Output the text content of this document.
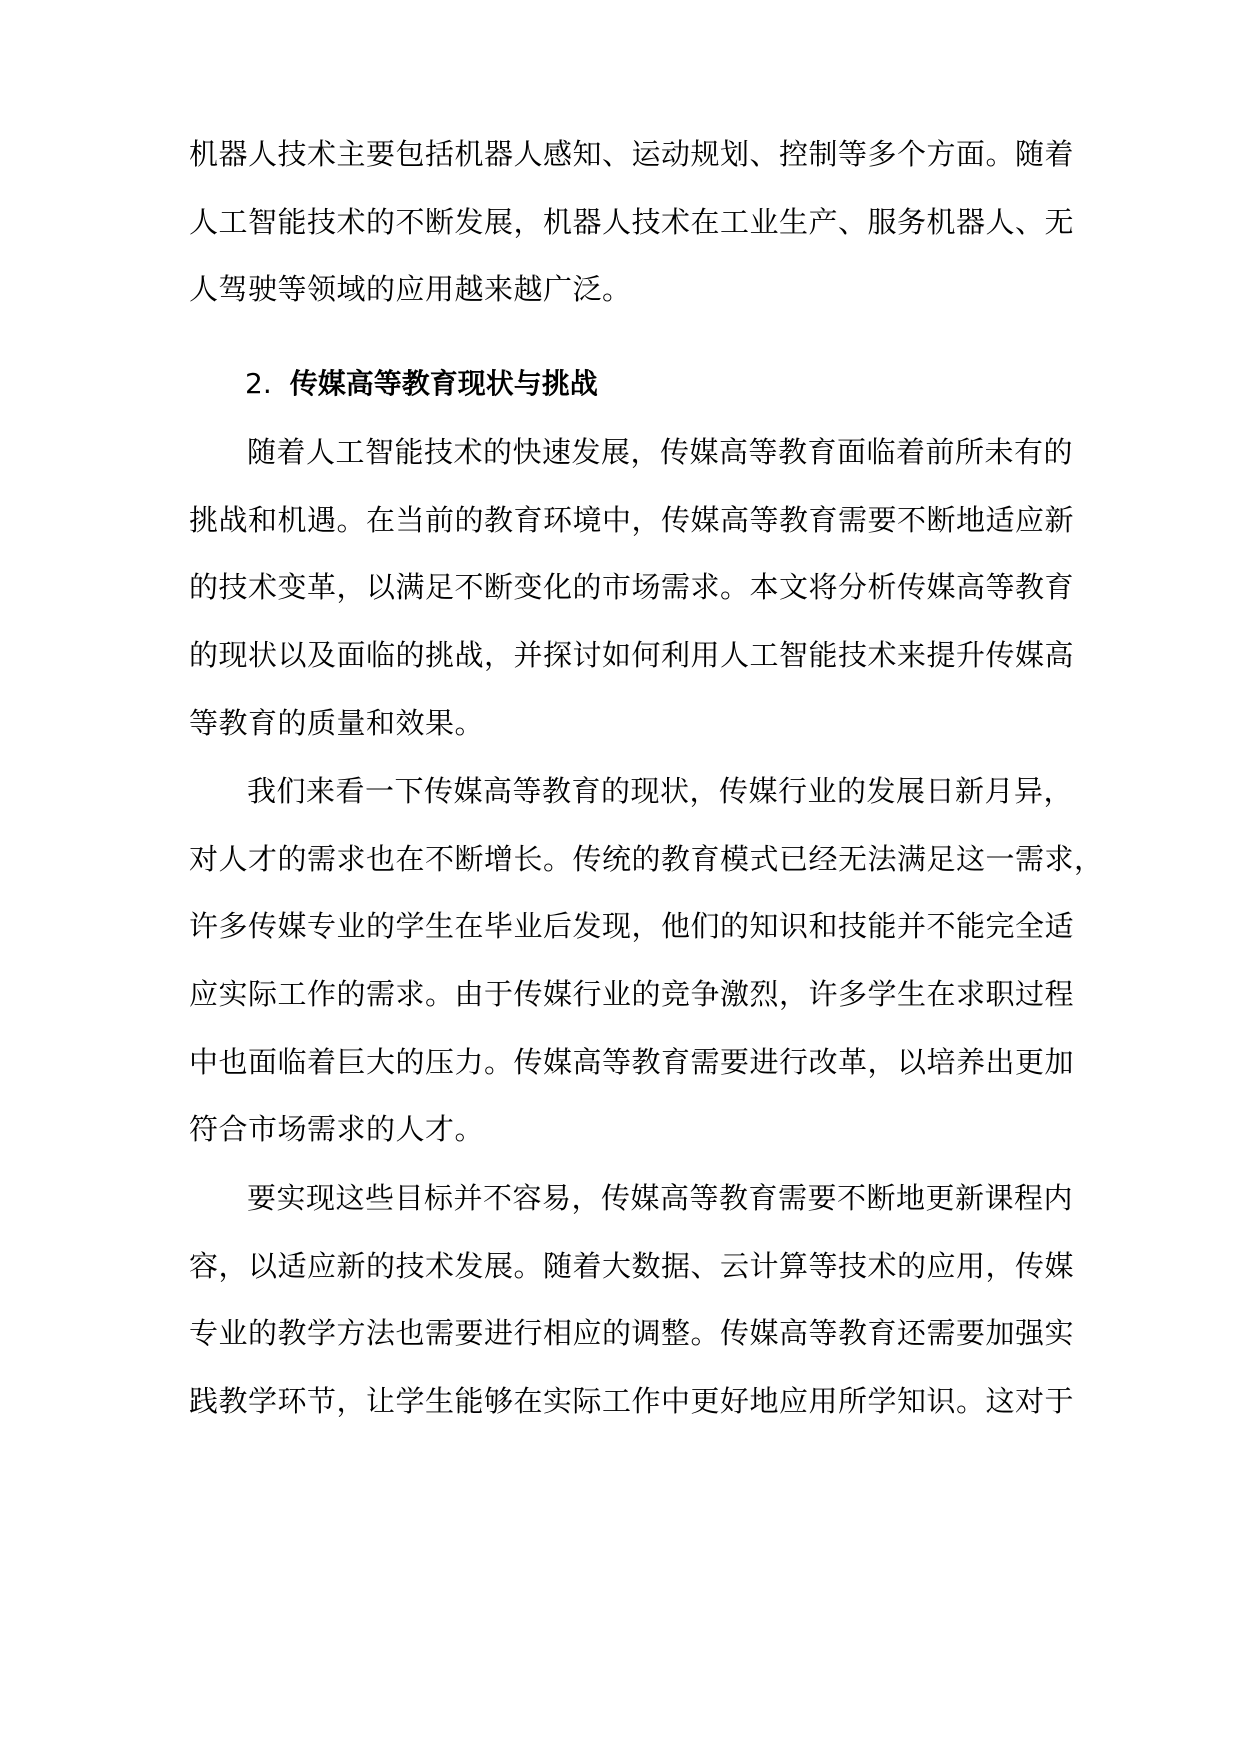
机器人技术主要包括机器人感知、运动规划、控制等多个方面。随着
人工智能技术的不断发展，机器人技术在工业生产、服务机器人、无
人驾驶等领域的应用越来越广泛。
2. 传媒高等教育现状与挑战
随着人工智能技术的快速发展，传媒高等教育面临着前所未有的
挑战和机遇。在当前的教育环境中，传媒高等教育需要不断地适应新
的技术变革，以满足不断变化的市场需求。本文将分析传媒高等教育
的现状以及面临的挑战，并探讨如何利用人工智能技术来提升传媒高
等教育的质量和效果。
我们来看一下传媒高等教育的现状，传媒行业的发展日新月异，
对人才的需求也在不断增长。传统的教育模式已经无法满足这一需求，
许多传媒专业的学生在毕业后发现，他们的知识和技能并不能完全适
应实际工作的需求。由于传媒行业的竞争激烈，许多学生在求职过程
中也面临着巨大的压力。传媒高等教育需要进行改革，以培养出更加
符合市场需求的人才。
要实现这些目标并不容易，传媒高等教育需要不断地更新课程内
容，以适应新的技术发展。随着大数据、云计算等技术的应用，传媒
专业的教学方法也需要进行相应的调整。传媒高等教育还需要加强实
践教学环节，让学生能够在实际工作中更好地应用所学知识。这对于
